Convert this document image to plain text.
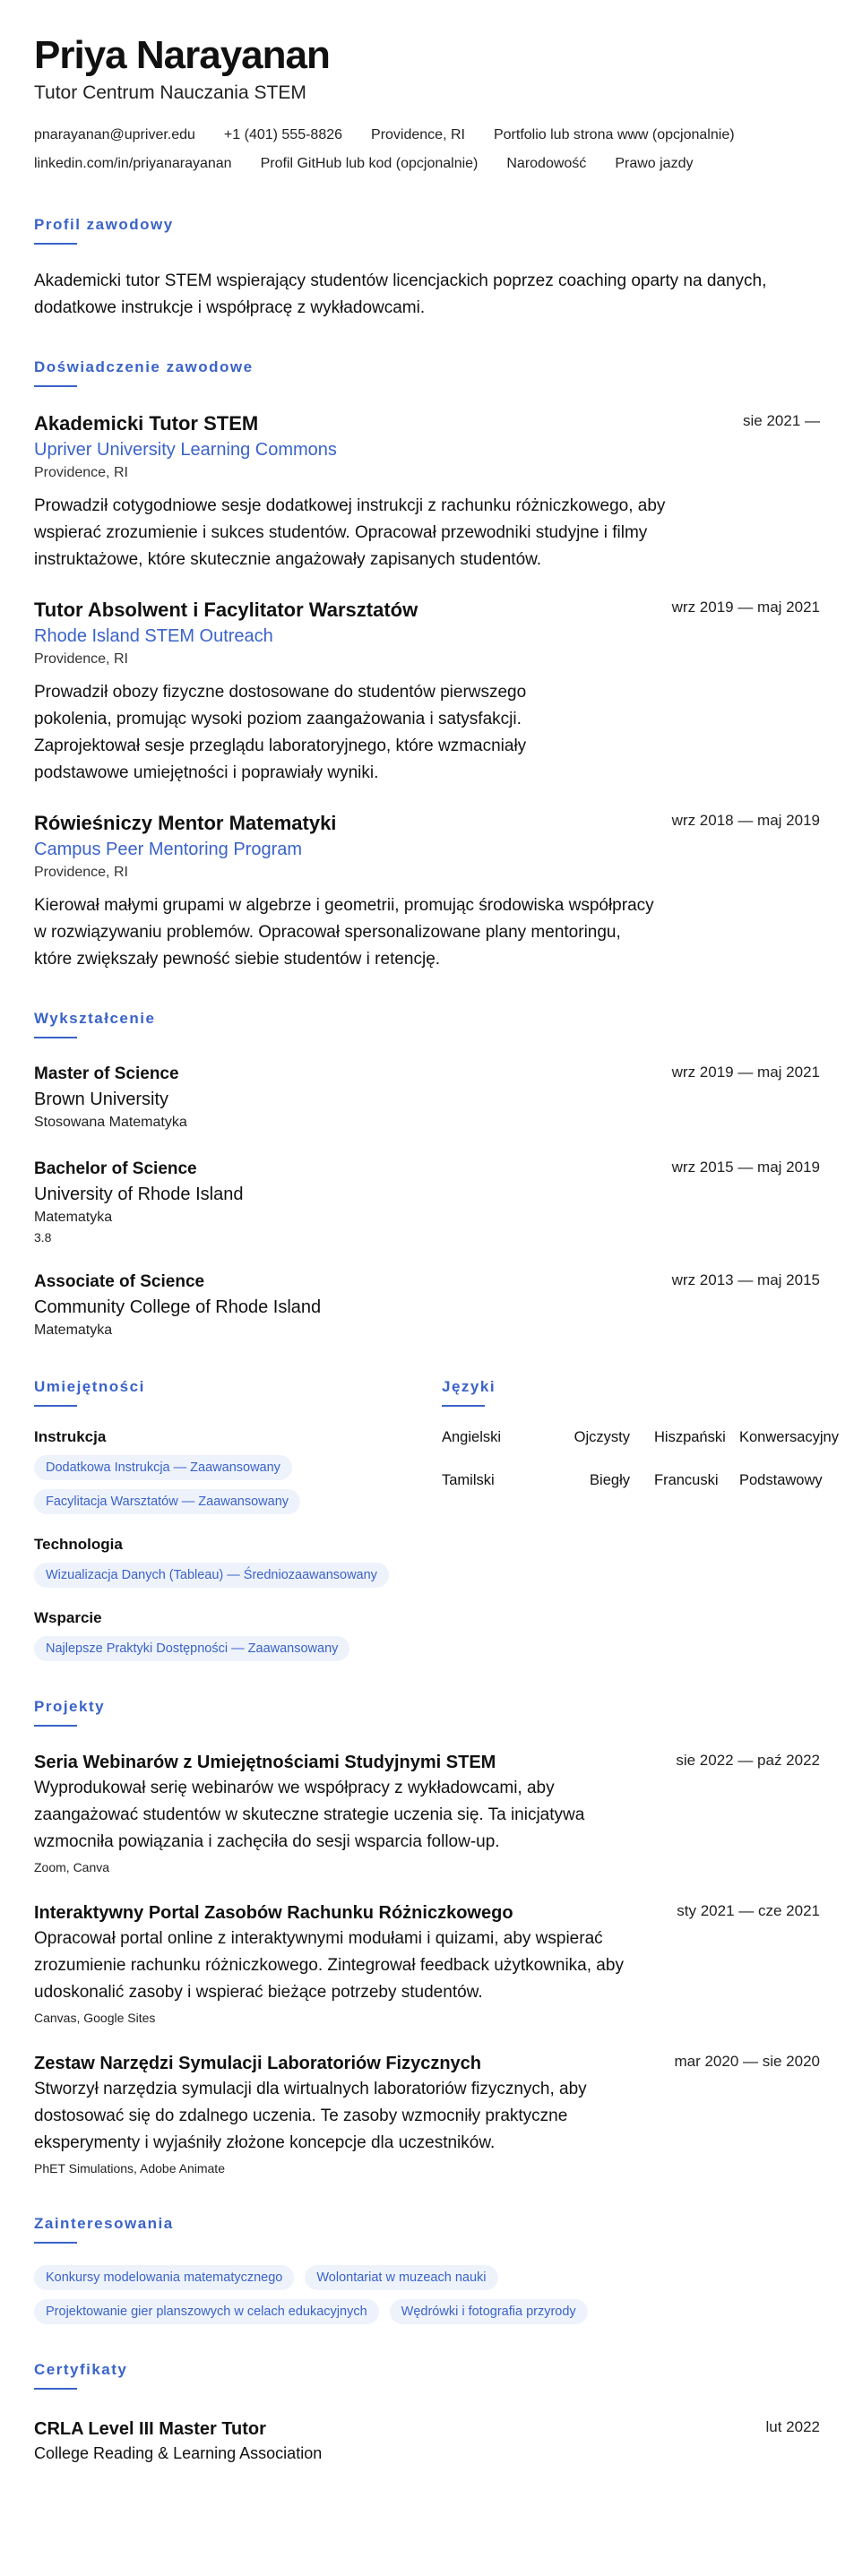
Priya Narayanan
Tutor Centrum Nauczania STEM
pnarayanan@upriver.edu +1 (401) 555-8826 Providence, RI Portfolio lub strona www (opcjonalnie)
linkedin.com/in/priyanarayanan Profil GitHub lub kod (opcjonalnie) Narodowość Prawo jazdy
Profil zawodowy

Akademicki tutor STEM wspierający studentów licencjackich poprzez coaching oparty na danych, dodatkowe instrukcje i współpracę z wykładowcami.

Doświadczenie zawodowe
Akademicki Tutor STEM	sie 2021 —
Upriver University Learning Commons
Providence, RI

Prowadził cotygodniowe sesje dodatkowej instrukcji z rachunku różniczkowego, aby wspierać zrozumienie i sukces studentów. Opracował przewodniki studyjne i filmy instruktażowe, które skutecznie angażowały zapisanych studentów.

Tutor Absolwent i Facylitator Warsztatów	wrz 2019 — maj 2021
Rhode Island STEM Outreach
Providence, RI

Prowadził obozy fizyczne dostosowane do studentów pierwszego pokolenia, promując wysoki poziom zaangażowania i satysfakcji. Zaprojektował sesje przeglądu laboratoryjnego, które wzmacniały podstawowe umiejętności i poprawiały wyniki.

Rówieśniczy Mentor Matematyki	wrz 2018 — maj 2019
Campus Peer Mentoring Program
Providence, RI

Kierował małymi grupami w algebrze i geometrii, promując środowiska współpracy w rozwiązywaniu problemów. Opracował spersonalizowane plany mentoringu, które zwiększały pewność siebie studentów i retencję.

Wykształcenie
Master of Science	wrz 2019 — maj 2021
Brown University
Stosowana Matematyka
Bachelor of Science	wrz 2015 — maj 2019
University of Rhode Island
Matematyka
3.8
Associate of Science	wrz 2013 — maj 2015
Community College of Rhode Island
Matematyka
Umiejętności
Instrukcja
Dodatkowa Instrukcja — Zaawansowany
Facylitacja Warsztatów — Zaawansowany
Technologia
Wizualizacja Danych (Tableau) — Średniozaawansowany
Wsparcie
Najlepsze Praktyki Dostępności — Zaawansowany
Języki
Angielski	Ojczysty Hiszpański Konwersacyjny
Tamilski	Biegły Francuski	Podstawowy
Projekty
Seria Webinarów z Umiejętnościami Studyjnymi STEM	sie 2022 — paź 2022

Wyprodukował serię webinarów we współpracy z wykładowcami, aby zaangażować studentów w skuteczne strategie uczenia się. Ta inicjatywa wzmocniła powiązania i zachęciła do sesji wsparcia follow-up.

Zoom, Canva
Interaktywny Portal Zasobów Rachunku Różniczkowego	sty 2021 — cze 2021

Opracował portal online z interaktywnymi modułami i quizami, aby wspierać zrozumienie rachunku różniczkowego. Zintegrował feedback użytkownika, aby udoskonalić zasoby i wspierać bieżące potrzeby studentów.

Canvas, Google Sites
Zestaw Narzędzi Symulacji Laboratoriów Fizycznych	mar 2020 — sie 2020

Stworzył narzędzia symulacji dla wirtualnych laboratoriów fizycznych, aby dostosować się do zdalnego uczenia. Te zasoby wzmocniły praktyczne eksperymenty i wyjaśniły złożone koncepcje dla uczestników.

PhET Simulations, Adobe Animate
Zainteresowania
Konkursy modelowania matematycznego	Wolontariat w muzeach nauki
Projektowanie gier planszowych w celach edukacyjnych	Wędrówki i fotografia przyrody
Certyfikaty
CRLA Level III Master Tutor	lut 2022
College Reading & Learning Association
